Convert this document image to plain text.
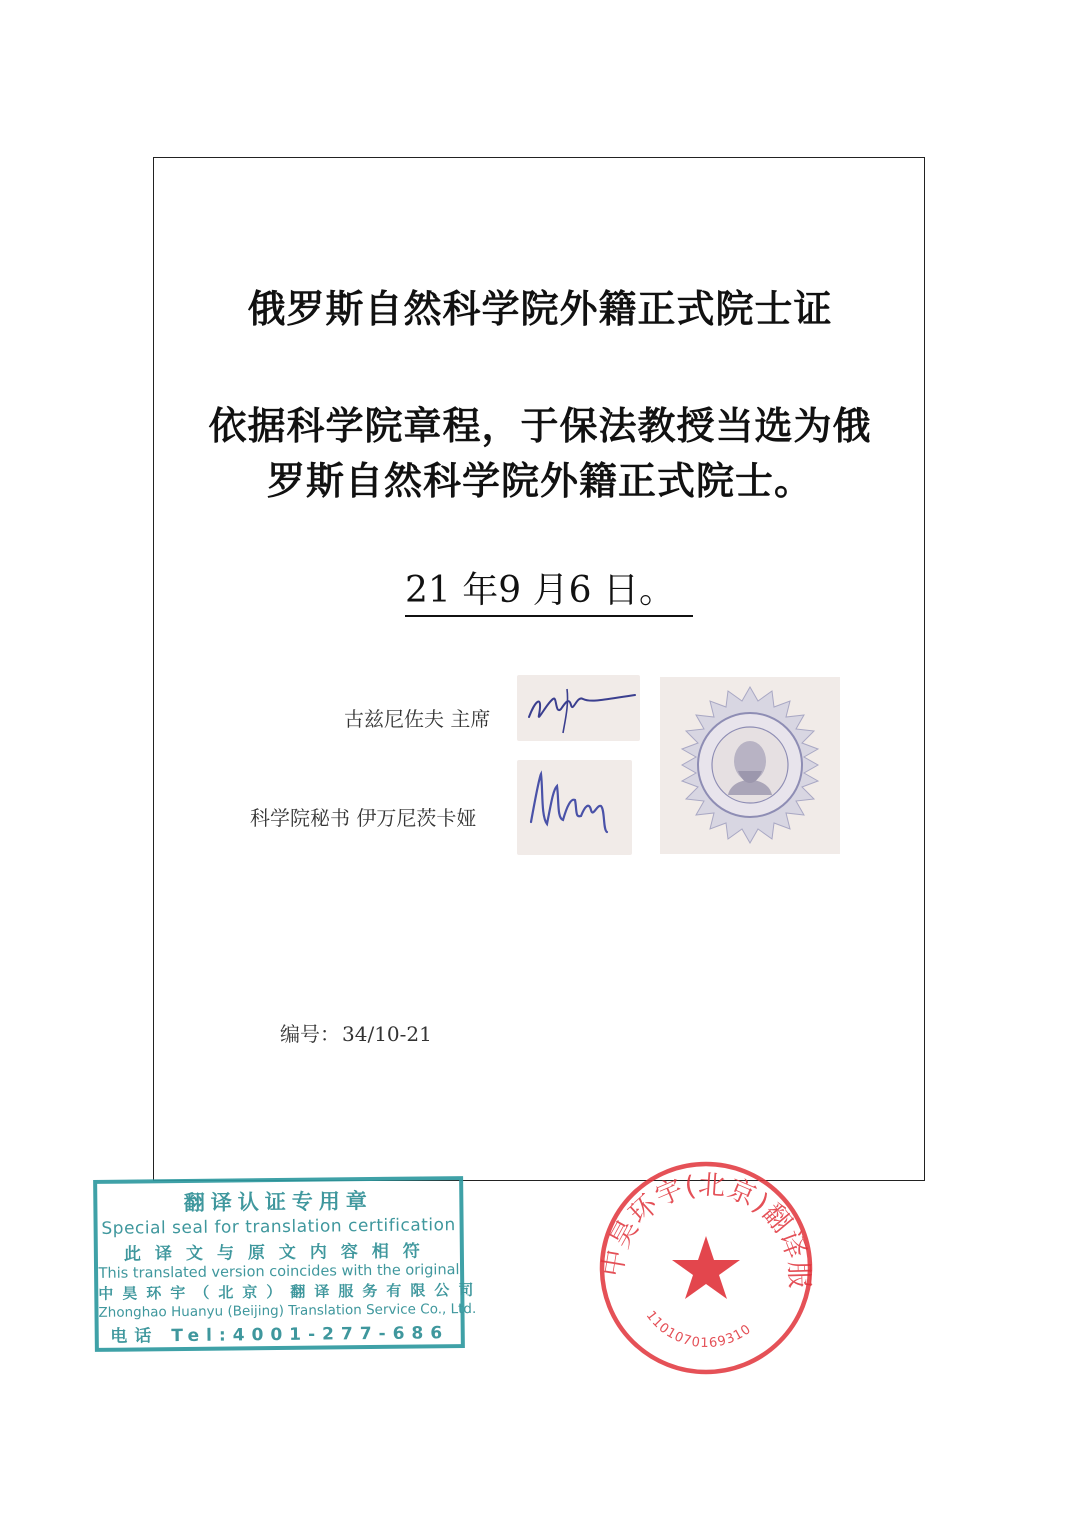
俄罗斯自然科学院外籍正式院士证
依据科学院章程，于保法教授当选为俄
罗斯自然科学院外籍正式院士。
21 年9 月6 日。
古兹尼佐夫 主席
科学院秘书 伊万尼茨卡娅
编号： 34/10-21
翻译认证专用章
Special seal for translation certification
此译文与原文内容相符
This translated version coincides with the original
中昊环宇（北京）翻译服务有限公司
Zhonghao Huanyu (Beijing) Translation Service Co., Ltd.
电话 Tel:4001-277-686
中昊环宇(北京)翻译服
1101070169310
